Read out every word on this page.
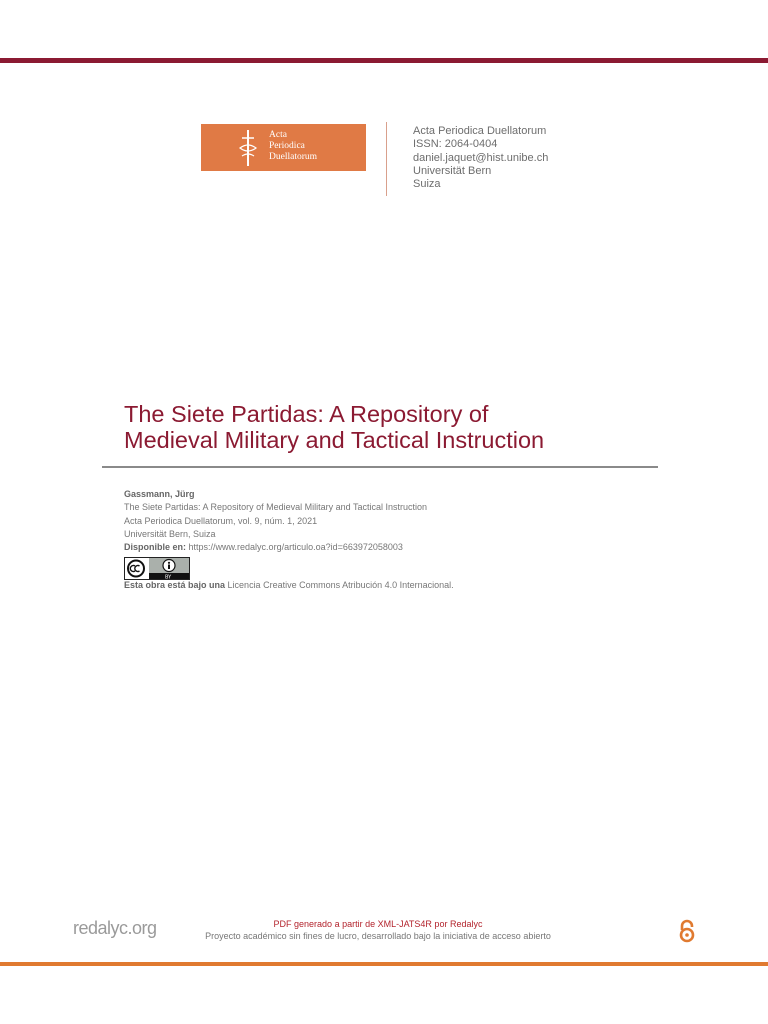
Acta
Periodica
Duellatorum
Acta Periodica Duellatorum
ISSN: 2064-0404
daniel.jaquet@hist.unibe.ch
Universität Bern
Suiza
The Siete Partidas: A Repository of
Medieval Military and Tactical Instruction
Gassmann, Jürg
The Siete Partidas: A Repository of Medieval Military and Tactical Instruction
Acta Periodica Duellatorum, vol. 9, núm. 1, 2021
Universität Bern, Suiza
Disponible en: https://www.redalyc.org/articulo.oa?id=663972058003
BY
Esta obra está bajo una Licencia Creative Commons Atribución 4.0 Internacional.
redalyc.org	PDF generado a partir de XML-JATS4R por Redalyc
Proyecto académico sin fines de lucro, desarrollado bajo la iniciativa de acceso abierto
